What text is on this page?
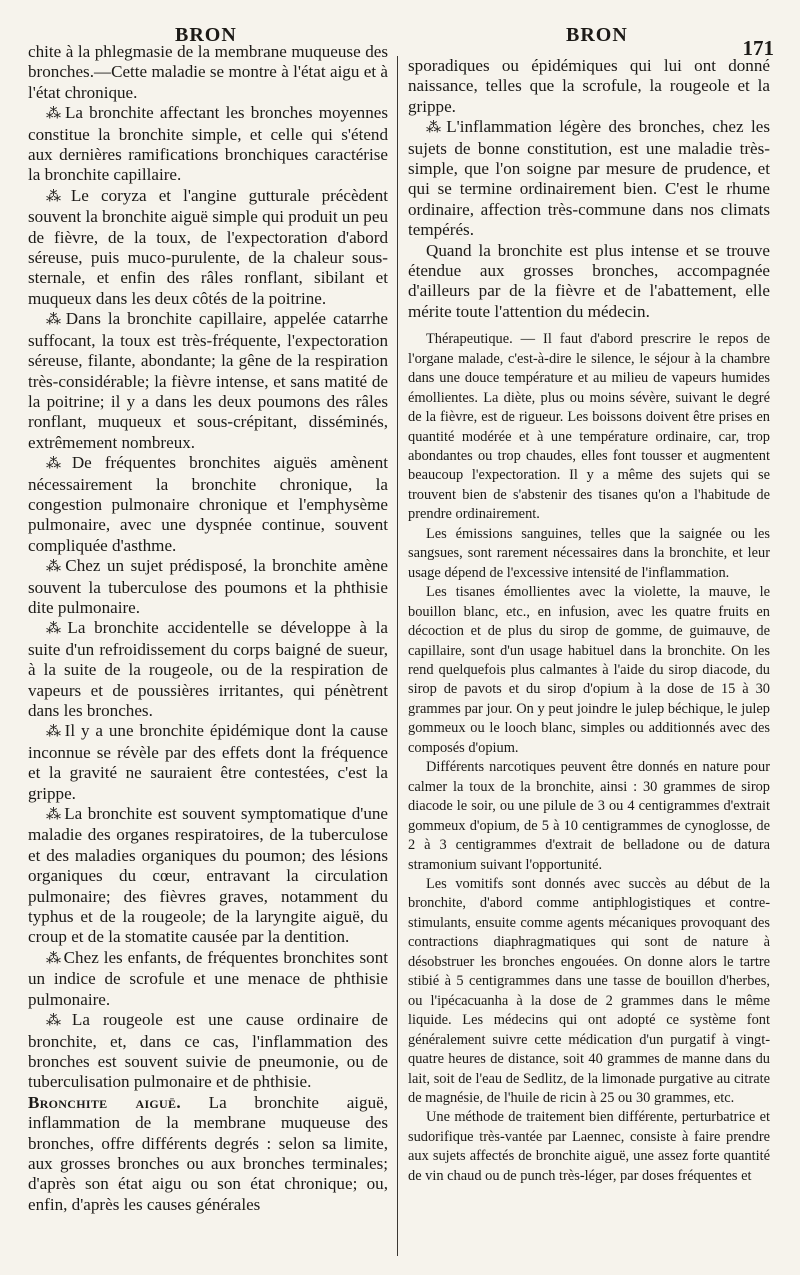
BRON	BRON
171

chite à la phlegmasie de la membrane muqueuse des bronches.—Cette maladie se montre à l'état aigu et à l'état chronique.

⁂ La bronchite affectant les bronches moyennes constitue la bronchite simple, et celle qui s'étend aux dernières ramifications bronchiques caractérise la bronchite capillaire.

⁂ Le coryza et l'angine gutturale précèdent souvent la bronchite aiguë simple qui produit un peu de fièvre, de la toux, de l'expectoration d'abord séreuse, puis muco-purulente, de la chaleur sous-sternale, et enfin des râles ronflant, sibilant et muqueux dans les deux côtés de la poitrine.

⁂ Dans la bronchite capillaire, appelée catarrhe suffocant, la toux est très-fréquente, l'expectoration séreuse, filante, abondante; la gêne de la respiration très-considérable; la fièvre intense, et sans matité de la poitrine; il y a dans les deux poumons des râles ronflant, muqueux et sous-crépitant, disséminés, extrêmement nombreux.

⁂ De fréquentes bronchites aiguës amènent nécessairement la bronchite chronique, la congestion pulmonaire chronique et l'emphysème pulmonaire, avec une dyspnée continue, souvent compliquée d'asthme.

⁂ Chez un sujet prédisposé, la bronchite amène souvent la tuberculose des poumons et la phthisie dite pulmonaire.

⁂ La bronchite accidentelle se développe à la suite d'un refroidissement du corps baigné de sueur, à la suite de la rougeole, ou de la respiration de vapeurs et de poussières irritantes, qui pénètrent dans les bronches.

⁂ Il y a une bronchite épidémique dont la cause inconnue se révèle par des effets dont la fréquence et la gravité ne sauraient être contestées, c'est la grippe.

⁂ La bronchite est souvent symptomatique d'une maladie des organes respiratoires, de la tuberculose et des maladies organiques du poumon; des lésions organiques du cœur, entravant la circulation pulmonaire; des fièvres graves, notamment du typhus et de la rougeole; de la laryngite aiguë, du croup et de la stomatite causée par la dentition.

⁂ Chez les enfants, de fréquentes bronchites sont un indice de scrofule et une menace de phthisie pulmonaire.

⁂ La rougeole est une cause ordinaire de bronchite, et, dans ce cas, l'inflammation des bronches est souvent suivie de pneumonie, ou de tuberculisation pulmonaire et de phthisie.

Bronchite aiguë. La bronchite aiguë, inflammation de la membrane muqueuse des bronches, offre différents degrés : selon sa limite, aux grosses bronches ou aux bronches terminales; d'après son état aigu ou son état chronique; ou, enfin, d'après les causes générales

sporadiques ou épidémiques qui lui ont donné naissance, telles que la scrofule, la rougeole et la grippe.

⁂ L'inflammation légère des bronches, chez les sujets de bonne constitution, est une maladie très-simple, que l'on soigne par mesure de prudence, et qui se termine ordinairement bien. C'est le rhume ordinaire, affection très-commune dans nos climats tempérés.

Quand la bronchite est plus intense et se trouve étendue aux grosses bronches, accompagnée d'ailleurs par de la fièvre et de l'abattement, elle mérite toute l'attention du médecin.

Thérapeutique. — Il faut d'abord prescrire le repos de l'organe malade, c'est-à-dire le silence, le séjour à la chambre dans une douce température et au milieu de vapeurs humides émollientes. La diète, plus ou moins sévère, suivant le degré de la fièvre, est de rigueur. Les boissons doivent être prises en quantité modérée et à une température ordinaire, car, trop abondantes ou trop chaudes, elles font tousser et augmentent beaucoup l'expectoration. Il y a même des sujets qui se trouvent bien de s'abstenir des tisanes qu'on a l'habitude de prendre ordinairement.

Les émissions sanguines, telles que la saignée ou les sangsues, sont rarement nécessaires dans la bronchite, et leur usage dépend de l'excessive intensité de l'inflammation.

Les tisanes émollientes avec la violette, la mauve, le bouillon blanc, etc., en infusion, avec les quatre fruits en décoction et de plus du sirop de gomme, de guimauve, de capillaire, sont d'un usage habituel dans la bronchite. On les rend quelquefois plus calmantes à l'aide du sirop diacode, du sirop de pavots et du sirop d'opium à la dose de 15 à 30 grammes par jour. On y peut joindre le julep béchique, le julep gommeux ou le looch blanc, simples ou additionnés avec des composés d'opium.

Différents narcotiques peuvent être donnés en nature pour calmer la toux de la bronchite, ainsi : 30 grammes de sirop diacode le soir, ou une pilule de 3 ou 4 centigrammes d'extrait gommeux d'opium, de 5 à 10 centigrammes de cynoglosse, de 2 à 3 centigrammes d'extrait de belladone ou de datura stramonium suivant l'opportunité.

Les vomitifs sont donnés avec succès au début de la bronchite, d'abord comme antiphlogistiques et contre-stimulants, ensuite comme agents mécaniques provoquant des contractions diaphragmatiques qui sont de nature à désobstruer les bronches engouées. On donne alors le tartre stibié à 5 centigrammes dans une tasse de bouillon d'herbes, ou l'ipécacuanha à la dose de 2 grammes dans le même liquide. Les médecins qui ont adopté ce système font généralement suivre cette médication d'un purgatif à vingt-quatre heures de distance, soit 40 grammes de manne dans du lait, soit de l'eau de Sedlitz, de la limonade purgative au citrate de magnésie, de l'huile de ricin à 25 ou 30 grammes, etc.

Une méthode de traitement bien différente, perturbatrice et sudorifique très-vantée par Laennec, consiste à faire prendre aux sujets affectés de bronchite aiguë, une assez forte quantité de vin chaud ou de punch très-léger, par doses fréquentes et
